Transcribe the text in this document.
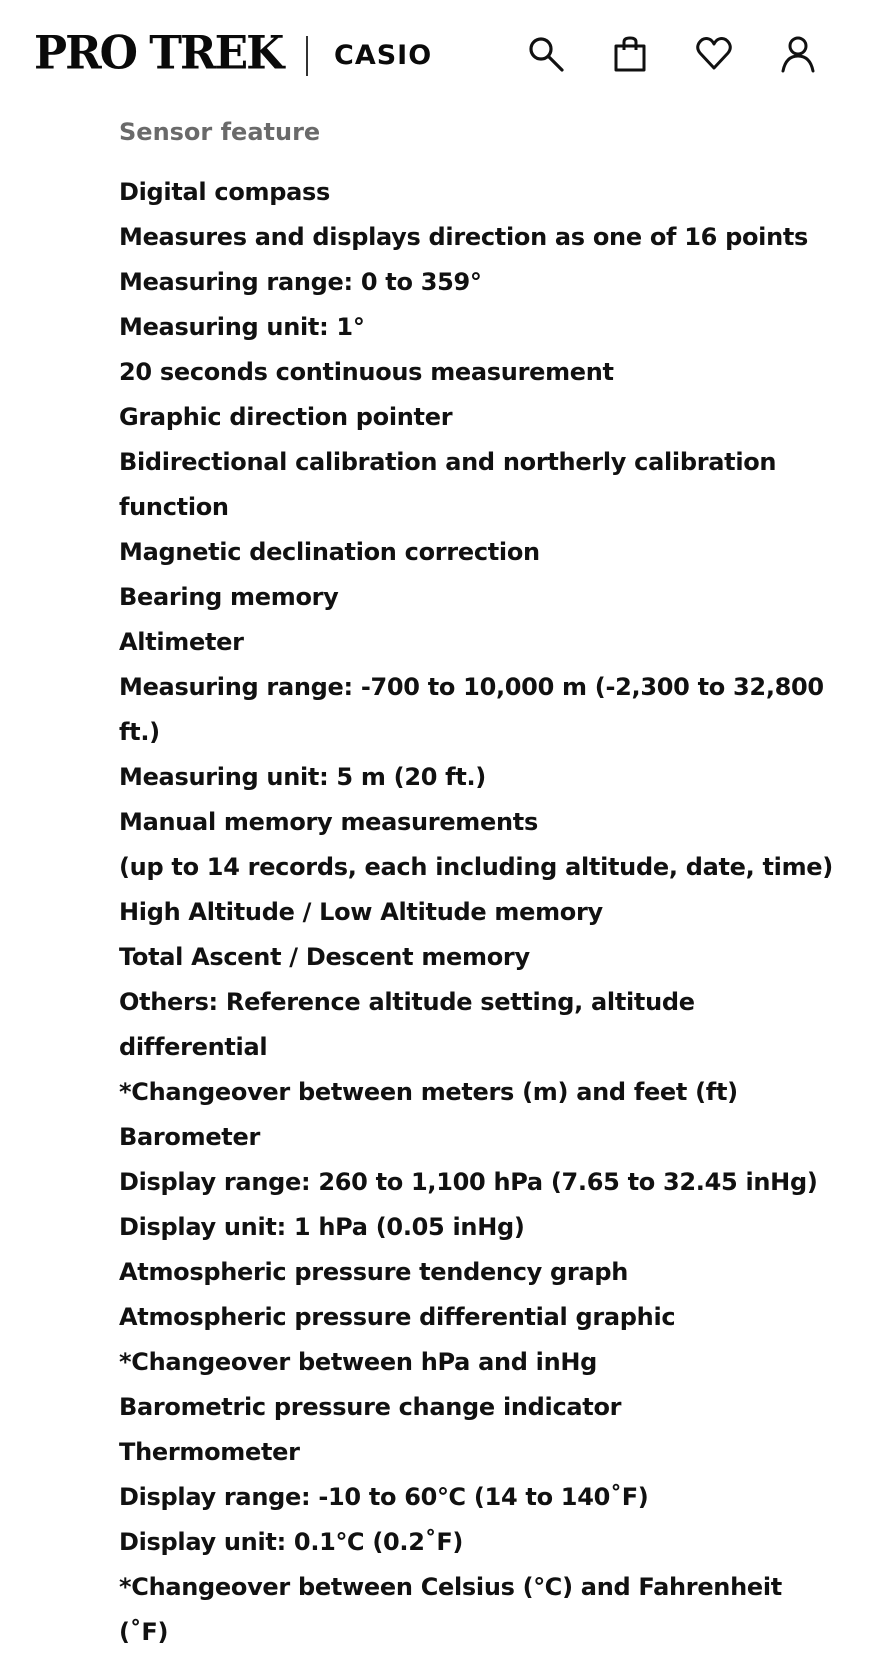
PRO TREK CASIO
Sensor feature
Digital compass
Measures and displays direction as one of 16 points
Measuring range: 0 to 359°
Measuring unit: 1°
20 seconds continuous measurement
Graphic direction pointer
Bidirectional calibration and northerly calibration function
Magnetic declination correction
Bearing memory
Altimeter
Measuring range: -700 to 10,000 m (-2,300 to 32,800 ft.)
Measuring unit: 5 m (20 ft.)
Manual memory measurements
(up to 14 records, each including altitude, date, time)
High Altitude / Low Altitude memory
Total Ascent / Descent memory
Others: Reference altitude setting, altitude differential
*Changeover between meters (m) and feet (ft)
Barometer
Display range: 260 to 1,100 hPa (7.65 to 32.45 inHg)
Display unit: 1 hPa (0.05 inHg)
Atmospheric pressure tendency graph
Atmospheric pressure differential graphic
*Changeover between hPa and inHg
Barometric pressure change indicator
Thermometer
Display range: -10 to 60℃ (14 to 140˚F)
Display unit: 0.1℃ (0.2˚F)
*Changeover between Celsius (℃) and Fahrenheit (˚F)
